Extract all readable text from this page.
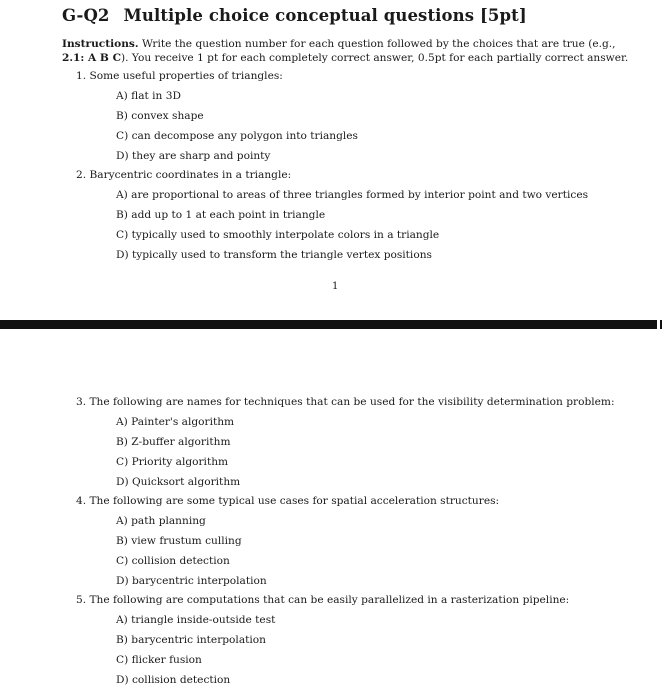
G-Q2 Multiple choice conceptual questions [5pt]
Instructions. Write the question number for each question followed by the choices that are true (e.g.,
2.1: A B C). You receive 1 pt for each completely correct answer, 0.5pt for each partially correct answer.
1. Some useful properties of triangles:
A) flat in 3D
B) convex shape
C) can decompose any polygon into triangles
D) they are sharp and pointy
2. Barycentric coordinates in a triangle:
A) are proportional to areas of three triangles formed by interior point and two vertices
B) add up to 1 at each point in triangle
C) typically used to smoothly interpolate colors in a triangle
D) typically used to transform the triangle vertex positions
1
3. The following are names for techniques that can be used for the visibility determination problem:
A) Painter's algorithm
B) Z-buffer algorithm
C) Priority algorithm
D) Quicksort algorithm
4. The following are some typical use cases for spatial acceleration structures:
A) path planning
B) view frustum culling
C) collision detection
D) barycentric interpolation
5. The following are computations that can be easily parallelized in a rasterization pipeline:
A) triangle inside-outside test
B) barycentric interpolation
C) flicker fusion
D) collision detection
